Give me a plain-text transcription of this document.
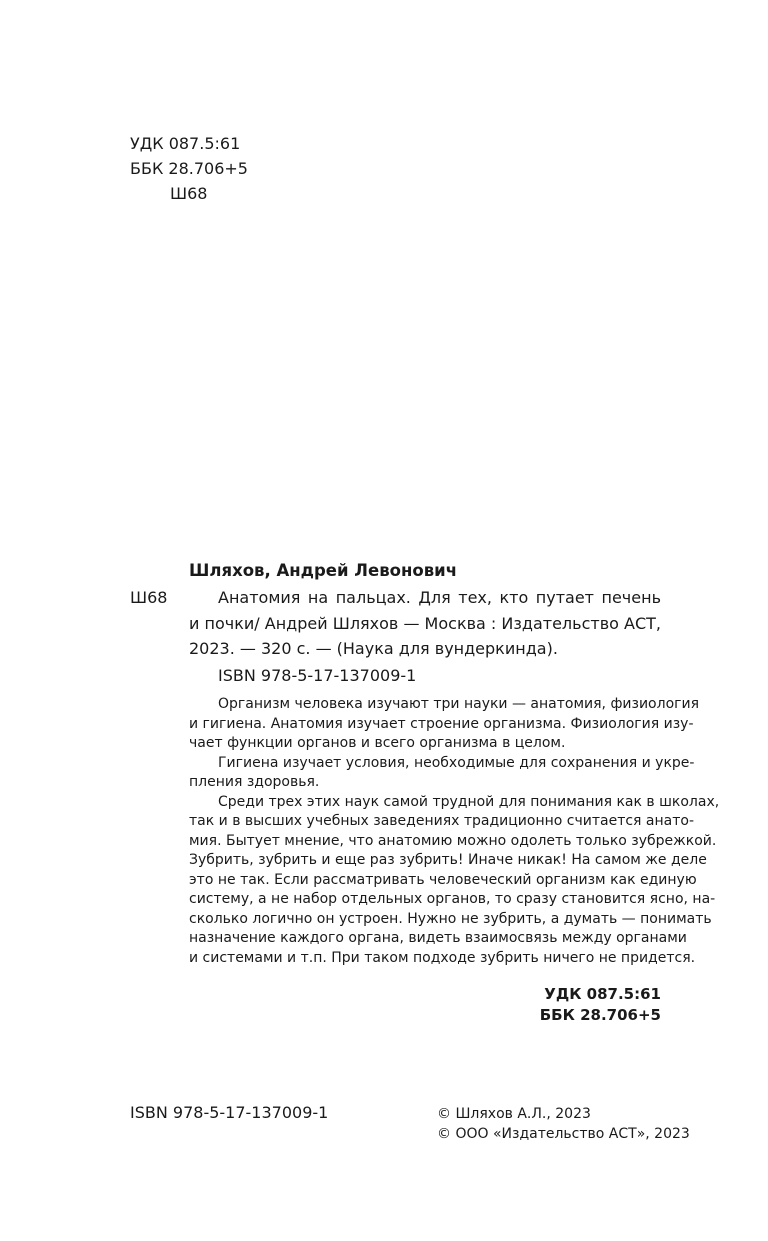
УДК 087.5:61
ББК 28.706+5
Ш68
Шляхов, Андрей Левонович
Ш68	Анатомия на пальцах. Для тех, кто путает печень
и почки/ Андрей Шляхов — Москва : Издательство АСТ,
2023. — 320 с. — (Наука для вундеркинда).
ISBN 978-5-17-137009-1
Организм человека изучают три науки — анатомия, физиология
и гигиена. Анатомия изучает строение организма. Физиология изу-
чает функции органов и всего организма в целом.
Гигиена изучает условия, необходимые для сохранения и укре-
пления здоровья.
Среди трех этих наук самой трудной для понимания как в школах,
так и в высших учебных заведениях традиционно считается анато-
мия. Бытует мнение, что анатомию можно одолеть только зубрежкой.
Зубрить, зубрить и еще раз зубрить! Иначе никак! На самом же деле
это не так. Если рассматривать человеческий организм как единую
систему, а не набор отдельных органов, то сразу становится ясно, на-
сколько логично он устроен. Нужно не зубрить, а думать — понимать
назначение каждого органа, видеть взаимосвязь между органами
и системами и т.п. При таком подходе зубрить ничего не придется.
УДК 087.5:61
ББК 28.706+5
ISBN 978-5-17-137009-1	© Шляхов А.Л., 2023
© ООО «Издательство АСТ», 2023
